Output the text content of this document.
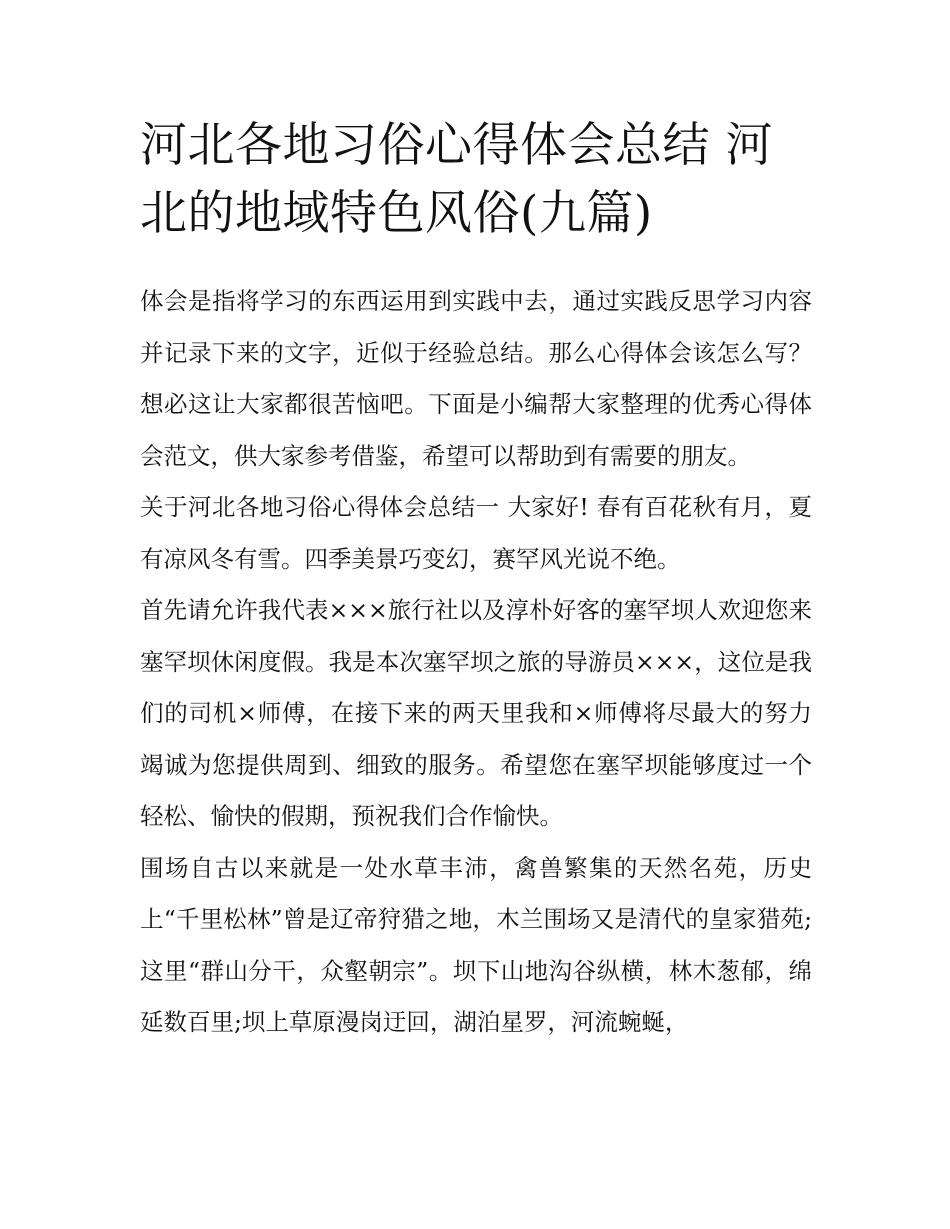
河北各地习俗心得体会总结 河北的地域特色风俗(九篇)

体会是指将学习的东西运用到实践中去，通过实践反思学习内容并记录下来的文字，近似于经验总结。那么心得体会该怎么写？想必这让大家都很苦恼吧。下面是小编帮大家整理的优秀心得体会范文，供大家参考借鉴，希望可以帮助到有需要的朋友。

关于河北各地习俗心得体会总结一 大家好! 春有百花秋有月，夏有凉风冬有雪。四季美景巧变幻，赛罕风光说不绝。

首先请允许我代表×××旅行社以及淳朴好客的塞罕坝人欢迎您来塞罕坝休闲度假。我是本次塞罕坝之旅的导游员×××，这位是我们的司机×师傅，在接下来的两天里我和×师傅将尽最大的努力竭诚为您提供周到、细致的服务。希望您在塞罕坝能够度过一个轻松、愉快的假期，预祝我们合作愉快。

围场自古以来就是一处水草丰沛，禽兽繁集的天然名苑，历史上“千里松林”曾是辽帝狩猎之地，木兰围场又是清代的皇家猎苑;这里“群山分干，众壑朝宗”。坝下山地沟谷纵横，林木葱郁，绵延数百里;坝上草原漫岗迂回，湖泊星罗，河流蜿蜒，
